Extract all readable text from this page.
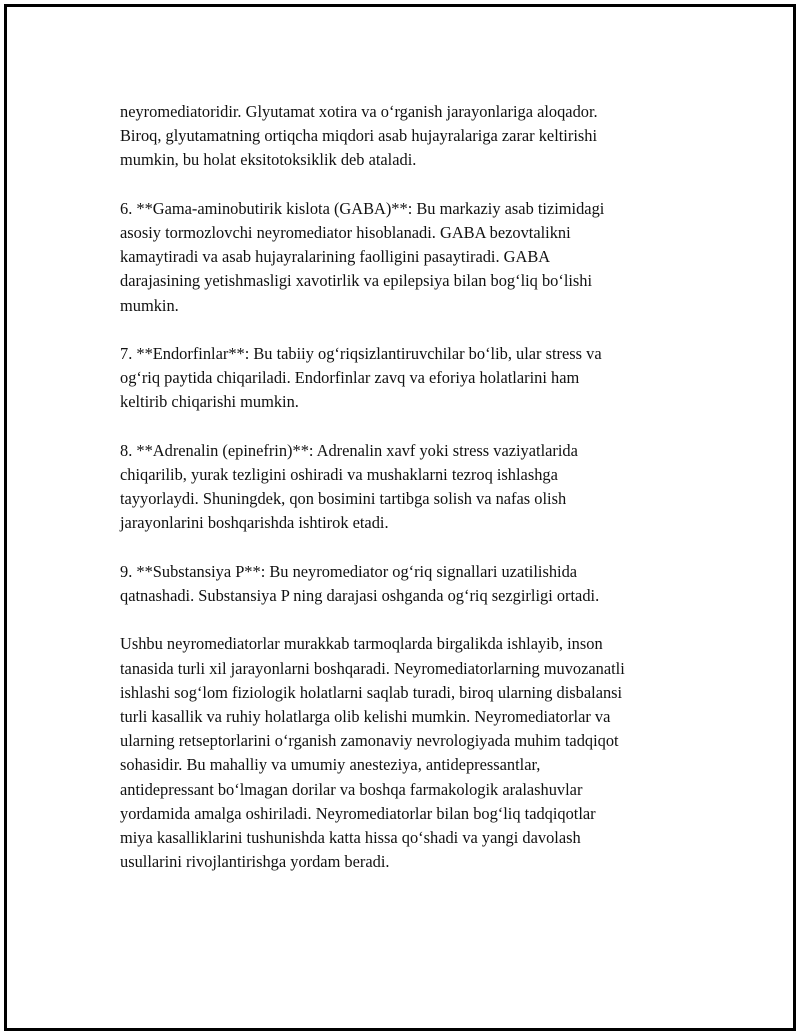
neyromediatoridir. Glyutamat xotira va oʻrganish jarayonlariga aloqador.
Biroq, glyutamatning ortiqcha miqdori asab hujayralariga zarar keltirishi
mumkin, bu holat eksitotoksiklik deb ataladi.

6. **Gama-aminobutirik kislota (GABA)**: Bu markaziy asab tizimidagi
asosiy tormozlovchi neyromediator hisoblanadi. GABA bezovtalikni
kamaytiradi va asab hujayralarining faolligini pasaytiradi. GABA
darajasining yetishmasligi xavotirlik va epilepsiya bilan bogʻliq boʻlishi
mumkin.

7. **Endorfinlar**: Bu tabiiy ogʻriqsizlantiruvchilar boʻlib, ular stress va
ogʻriq paytida chiqariladi. Endorfinlar zavq va eforiya holatlarini ham
keltirib chiqarishi mumkin.

8. **Adrenalin (epinefrin)**: Adrenalin xavf yoki stress vaziyatlarida
chiqarilib, yurak tezligini oshiradi va mushaklarni tezroq ishlashga
tayyorlaydi. Shuningdek, qon bosimini tartibga solish va nafas olish
jarayonlarini boshqarishda ishtirok etadi.

9. **Substansiya P**: Bu neyromediator ogʻriq signallari uzatilishida
qatnashadi. Substansiya P ning darajasi oshganda ogʻriq sezgirligi ortadi.

Ushbu neyromediatorlar murakkab tarmoqlarda birgalikda ishlayib, inson
tanasida turli xil jarayonlarni boshqaradi. Neyromediatorlarning muvozanatli
ishlashi sogʻlom fiziologik holatlarni saqlab turadi, biroq ularning disbalansi
turli kasallik va ruhiy holatlarga olib kelishi mumkin. Neyromediatorlar va
ularning retseptorlarini oʻrganish zamonaviy nevrologiyada muhim tadqiqot
sohasidir. Bu mahalliy va umumiy anesteziya, antidepressantlar,
antidepressant boʻlmagan dorilar va boshqa farmakologik aralashuvlar
yordamida amalga oshiriladi. Neyromediatorlar bilan bogʻliq tadqiqotlar
miya kasalliklarini tushunishda katta hissa qoʻshadi va yangi davolash
usullarini rivojlantirishga yordam beradi.
